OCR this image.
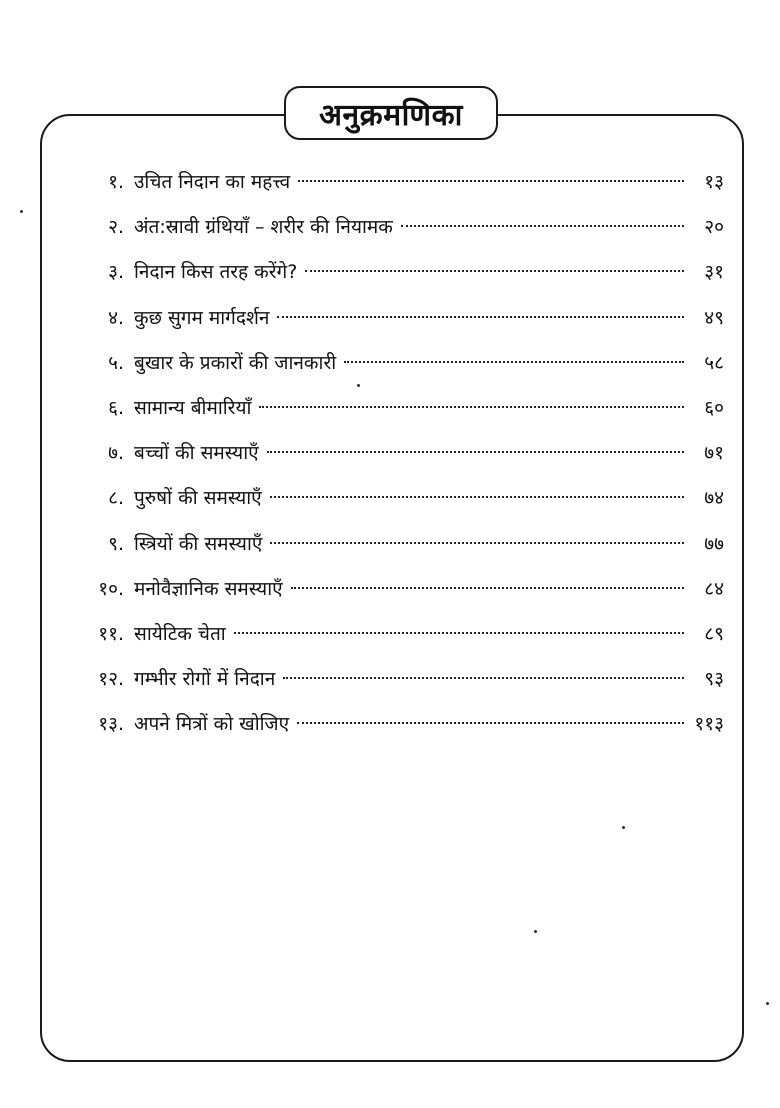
अनुक्रमणिका
१. उचित निदान का महत्त्व	१३
२. अंत:स्रावी ग्रंथियाँ – शरीर की नियामक	२०
३. निदान किस तरह करेंगे?	३१
४. कुछ सुगम मार्गदर्शन	४९
५. बुखार के प्रकारों की जानकारी	५८
६. सामान्य बीमारियाँ	६०
७. बच्चों की समस्याएँ	७१
८. पुरुषों की समस्याएँ	७४
९. स्त्रियों की समस्याएँ	७७
१०. मनोवैज्ञानिक समस्याएँ	८४
११. सायेटिक चेता	८९
१२. गम्भीर रोगों में निदान	९३
१३. अपने मित्रों को खोजिए	११३
